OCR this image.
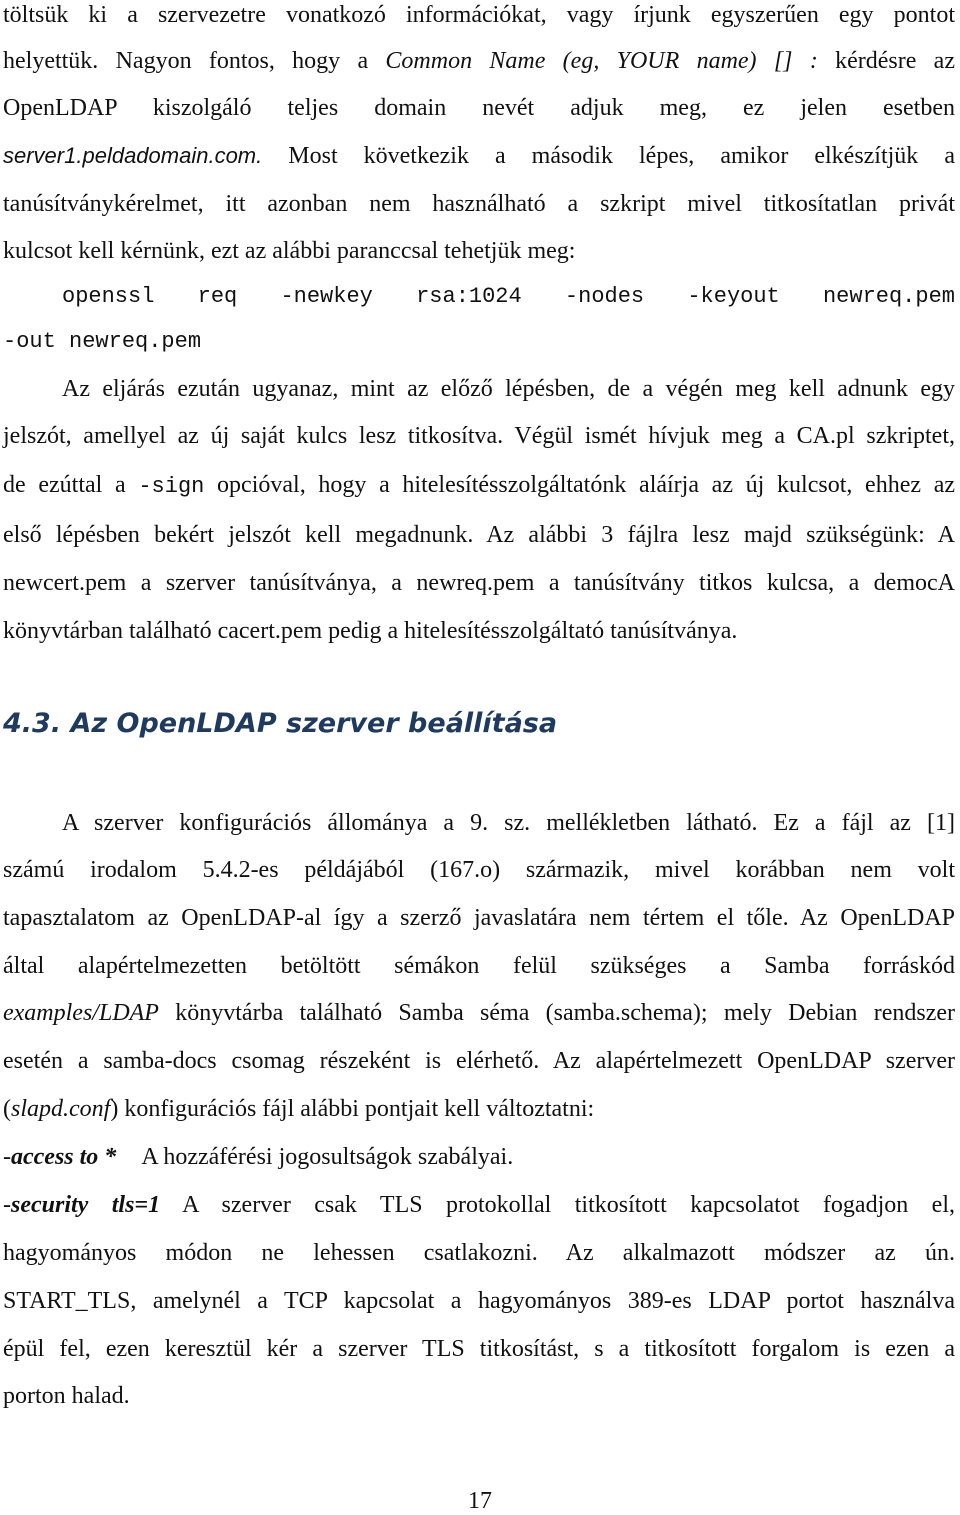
töltsük ki a szervezetre vonatkozó információkat, vagy írjunk egyszerűen egy pontot
helyettük. Nagyon fontos, hogy a Common Name (eg, YOUR name) [] : kérdésre az
OpenLDAP kiszolgáló teljes domain nevét adjuk meg, ez jelen esetben
server1.peldadomain.com. Most következik a második lépes, amikor elkészítjük a
tanúsítványkérelmet, itt azonban nem használható a szkript mivel titkosítatlan privát
kulcsot kell kérnünk, ezt az alábbi paranccsal tehetjük meg:
openssl req -newkey rsa:1024 -nodes -keyout newreq.pem
-out newreq.pem
Az eljárás ezután ugyanaz, mint az előző lépésben, de a végén meg kell adnunk egy
jelszót, amellyel az új saját kulcs lesz titkosítva. Végül ismét hívjuk meg a CA.pl szkriptet,
de ezúttal a -sign opcióval, hogy a hitelesítésszolgáltatónk aláírja az új kulcsot, ehhez az
első lépésben bekért jelszót kell megadnunk. Az alábbi 3 fájlra lesz majd szükségünk: A
newcert.pem a szerver tanúsítványa, a newreq.pem a tanúsítvány titkos kulcsa, a democA
könyvtárban található cacert.pem pedig a hitelesítésszolgáltató tanúsítványa.
4.3. Az OpenLDAP szerver beállítása
A szerver konfigurációs állománya a 9. sz. mellékletben látható. Ez a fájl az [1]
számú irodalom 5.4.2-es példájából (167.o) származik, mivel korábban nem volt
tapasztalatom az OpenLDAP-al így a szerző javaslatára nem tértem el tőle. Az OpenLDAP
által alapértelmezetten betöltött sémákon felül szükséges a Samba forráskód
examples/LDAP könyvtárba található Samba séma (samba.schema); mely Debian rendszer
esetén a samba-docs csomag részeként is elérhető. Az alapértelmezett OpenLDAP szerver
(slapd.conf) konfigurációs fájl alábbi pontjait kell változtatni:
-access to * A hozzáférési jogosultságok szabályai.
-security tls=1 A szerver csak TLS protokollal titkosított kapcsolatot fogadjon el,
hagyományos módon ne lehessen csatlakozni. Az alkalmazott módszer az ún.
START_TLS, amelynél a TCP kapcsolat a hagyományos 389-es LDAP portot használva
épül fel, ezen keresztül kér a szerver TLS titkosítást, s a titkosított forgalom is ezen a
porton halad.
17
